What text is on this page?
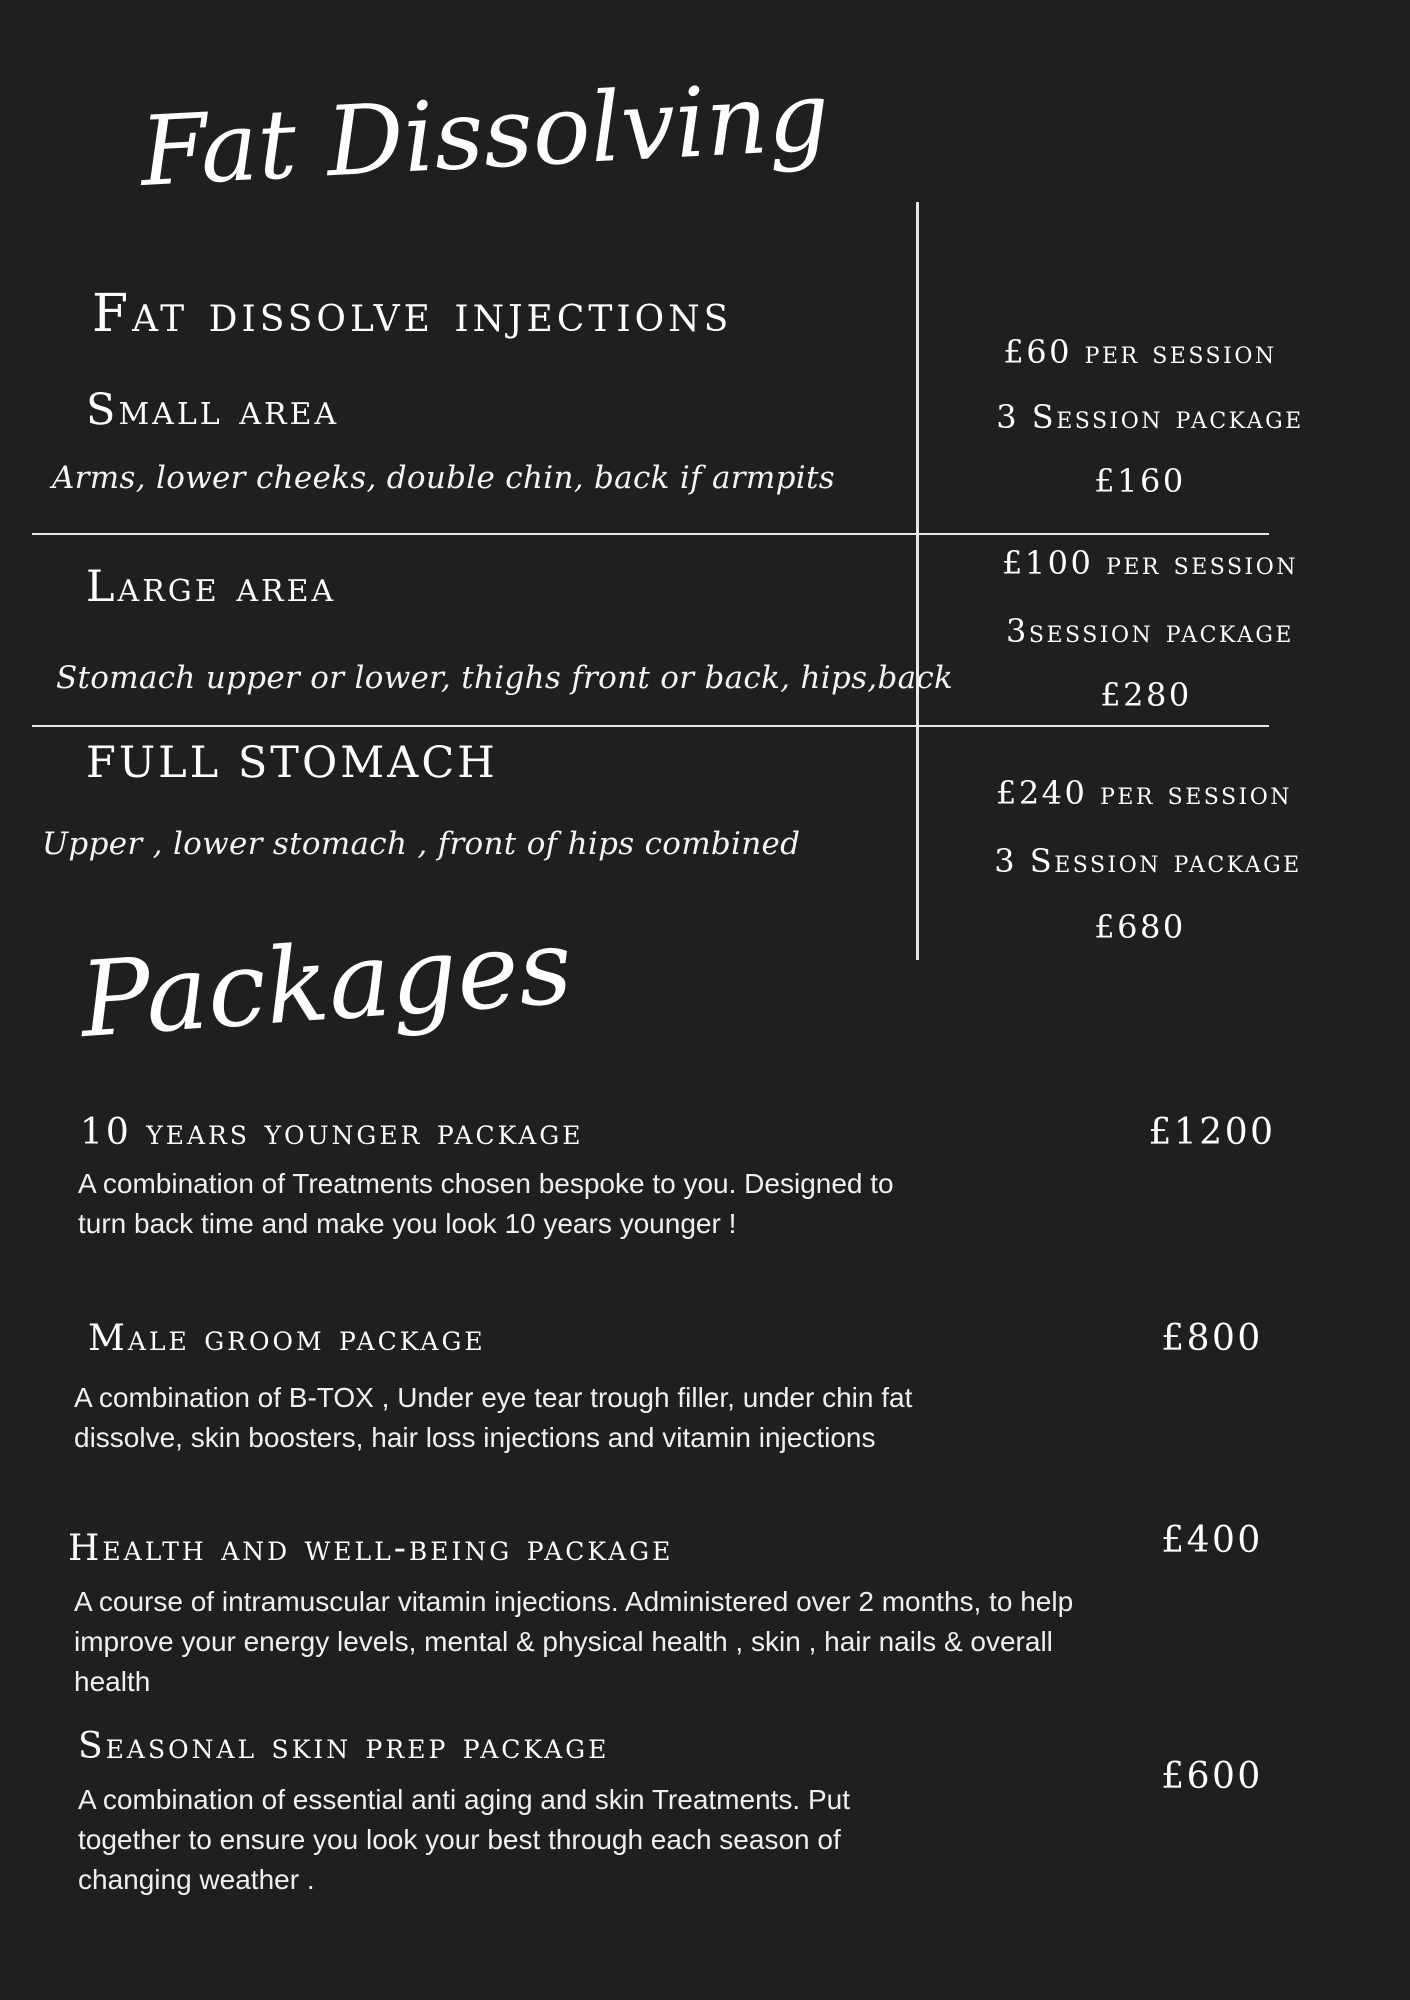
Fat Dissolving
Fat dissolve injections
Small area
Arms, lower cheeks, double chin, back if armpits
£60 per session
3 Session package
£160
Large area
Stomach upper or lower, thighs front or back, hips,back
£100 per session
3session package
£280
FULL STOMACH
Upper , lower stomach , front of hips combined
£240 per session
3 Session package
£680
Packages
10 years younger package	£1200
A combination of Treatments chosen bespoke to you. Designed to turn back time and make you look 10 years younger !
Male groom package	£800
A combination of B-TOX , Under eye tear trough filler, under chin fat dissolve, skin boosters, hair loss injections and vitamin injections
Health and well-being package	£400
A course of intramuscular vitamin injections. Administered over 2 months, to help improve your energy levels, mental & physical health , skin , hair nails & overall health
Seasonal skin prep package
£600
A combination of essential anti aging and skin Treatments. Put together to ensure you look your best through each season of changing weather .
